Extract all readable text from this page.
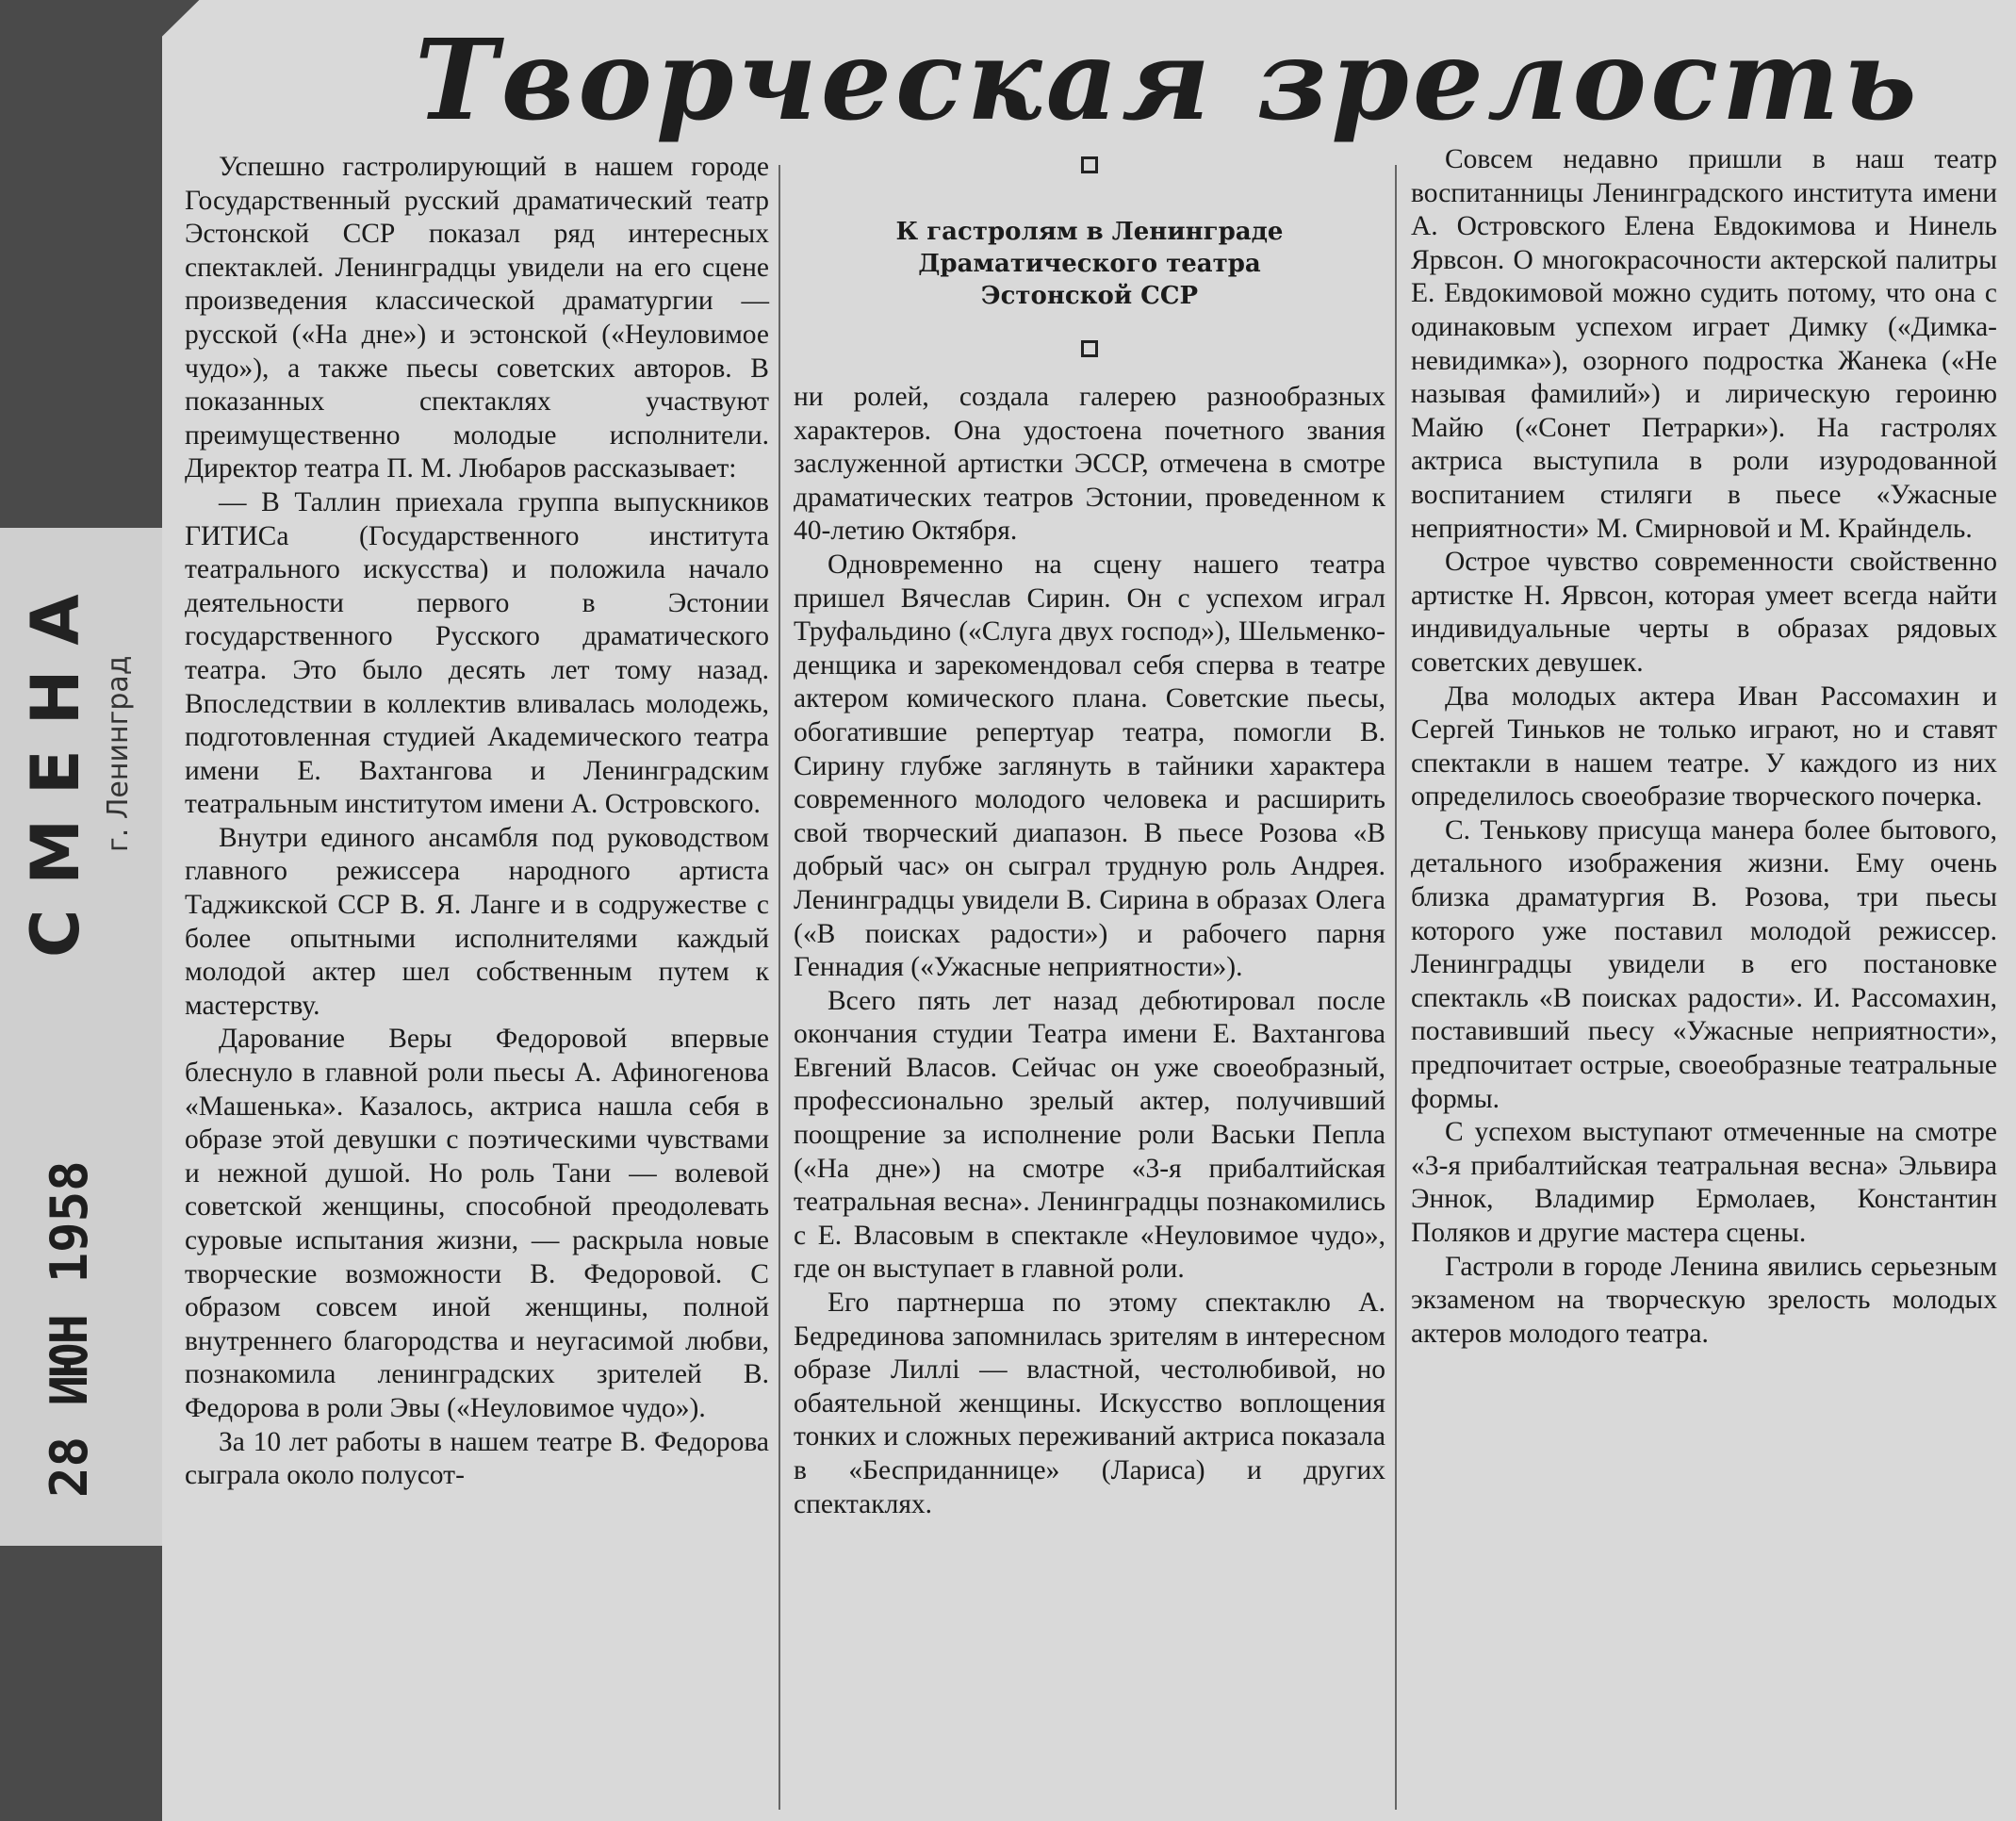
СМЕНА г. Ленинград
28 ИЮН 1958
Творческая зрелость

Успешно гастролирующий в нашем городе Государственный русский драматический театр Эстонской ССР показал ряд интересных спектаклей. Ленинградцы увидели на его сцене произведения классической драматургии — русской («На дне») и эстонской («Неуловимое чудо»), а также пьесы советских авторов. В показанных спектаклях участвуют преимущественно молодые исполнители. Директор театра П. М. Любаров рассказывает:

— В Таллин приехала группа выпускников ГИТИСа (Государственного института театрального искусства) и положила начало деятельности первого в Эстонии государственного Русского драматического театра. Это было десять лет тому назад. Впоследствии в коллектив вливалась молодежь, подготовленная студией Академического театра имени Е. Вахтангова и Ленинградским театральным институтом имени А. Островского.

Внутри единого ансамбля под руководством главного режиссера народного артиста Таджикской ССР В. Я. Ланге и в содружестве с более опытными исполнителями каждый молодой актер шел собственным путем к мастерству.

Дарование Веры Федоровой впервые блеснуло в главной роли пьесы А. Афиногенова «Машенька». Казалось, актриса нашла себя в образе этой девушки с поэтическими чувствами и нежной душой. Но роль Тани — волевой советской женщины, способной преодолевать суровые испытания жизни, — раскрыла новые творческие возможности В. Федоровой. С образом совсем иной женщины, полной внутреннего благородства и неугасимой любви, познакомила ленинградских зрителей В. Федорова в роли Эвы («Неуловимое чудо»).

За 10 лет работы в нашем театре В. Федорова сыграла около полусот-

К гастролям в Ленинграде
Драматического театра
Эстонской ССР

ни ролей, создала галерею разнообразных характеров. Она удостоена почетного звания заслуженной артистки ЭССР, отмечена в смотре драматических театров Эстонии, проведенном к 40-летию Октября.

Одновременно на сцену нашего театра пришел Вячеслав Сирин. Он с успехом играл Труфальдино («Слуга двух господ»), Шельменко-денщика и зарекомендовал себя сперва в театре актером комического плана. Советские пьесы, обогатившие репертуар театра, помогли В. Сирину глубже заглянуть в тайники характера современного молодого человека и расширить свой творческий диапазон. В пьесе Розова «В добрый час» он сыграл трудную роль Андрея. Ленинградцы увидели В. Сирина в образах Олега («В поисках радости») и рабочего парня Геннадия («Ужасные неприятности»).

Всего пять лет назад дебютировал после окончания студии Театра имени Е. Вахтангова Евгений Власов. Сейчас он уже своеобразный, профессионально зрелый актер, получивший поощрение за исполнение роли Васьки Пепла («На дне») на смотре «3-я прибалтийская театральная весна». Ленинградцы познакомились с Е. Власовым в спектакле «Неуловимое чудо», где он выступает в главной роли.

Его партнерша по этому спектаклю А. Бедрединова запомнилась зрителям в интересном образе Лиллі — властной, честолюбивой, но обаятельной женщины. Искусство воплощения тонких и сложных переживаний актриса показала в «Бесприданнице» (Лариса) и других спектаклях.

Совсем недавно пришли в наш театр воспитанницы Ленинградского института имени А. Островского Елена Евдокимова и Нинель Ярвсон. О многокрасочности актерской палитры Е. Евдокимовой можно судить потому, что она с одинаковым успехом играет Димку («Димка-невидимка»), озорного подростка Жанека («Не называя фамилий») и лирическую героиню Майю («Сонет Петрарки»). На гастролях актриса выступила в роли изуродованной воспитанием стиляги в пьесе «Ужасные неприятности» М. Смирновой и М. Крайндель.

Острое чувство современности свойственно артистке Н. Ярвсон, которая умеет всегда найти индивидуальные черты в образах рядовых советских девушек.

Два молодых актера Иван Рассомахин и Сергей Тиньков не только играют, но и ставят спектакли в нашем театре. У каждого из них определилось своеобразие творческого почерка.

С. Тенькову присуща манера более бытового, детального изображения жизни. Ему очень близка драматургия В. Розова, три пьесы которого уже поставил молодой режиссер. Ленинградцы увидели в его постановке спектакль «В поисках радости». И. Рассомахин, поставивший пьесу «Ужасные неприятности», предпочитает острые, своеобразные театральные формы.

С успехом выступают отмеченные на смотре «3-я прибалтийская театральная весна» Эльвира Эннок, Владимир Ермолаев, Константин Поляков и другие мастера сцены.

Гастроли в городе Ленина явились серьезным экзаменом на творческую зрелость молодых актеров молодого театра.
